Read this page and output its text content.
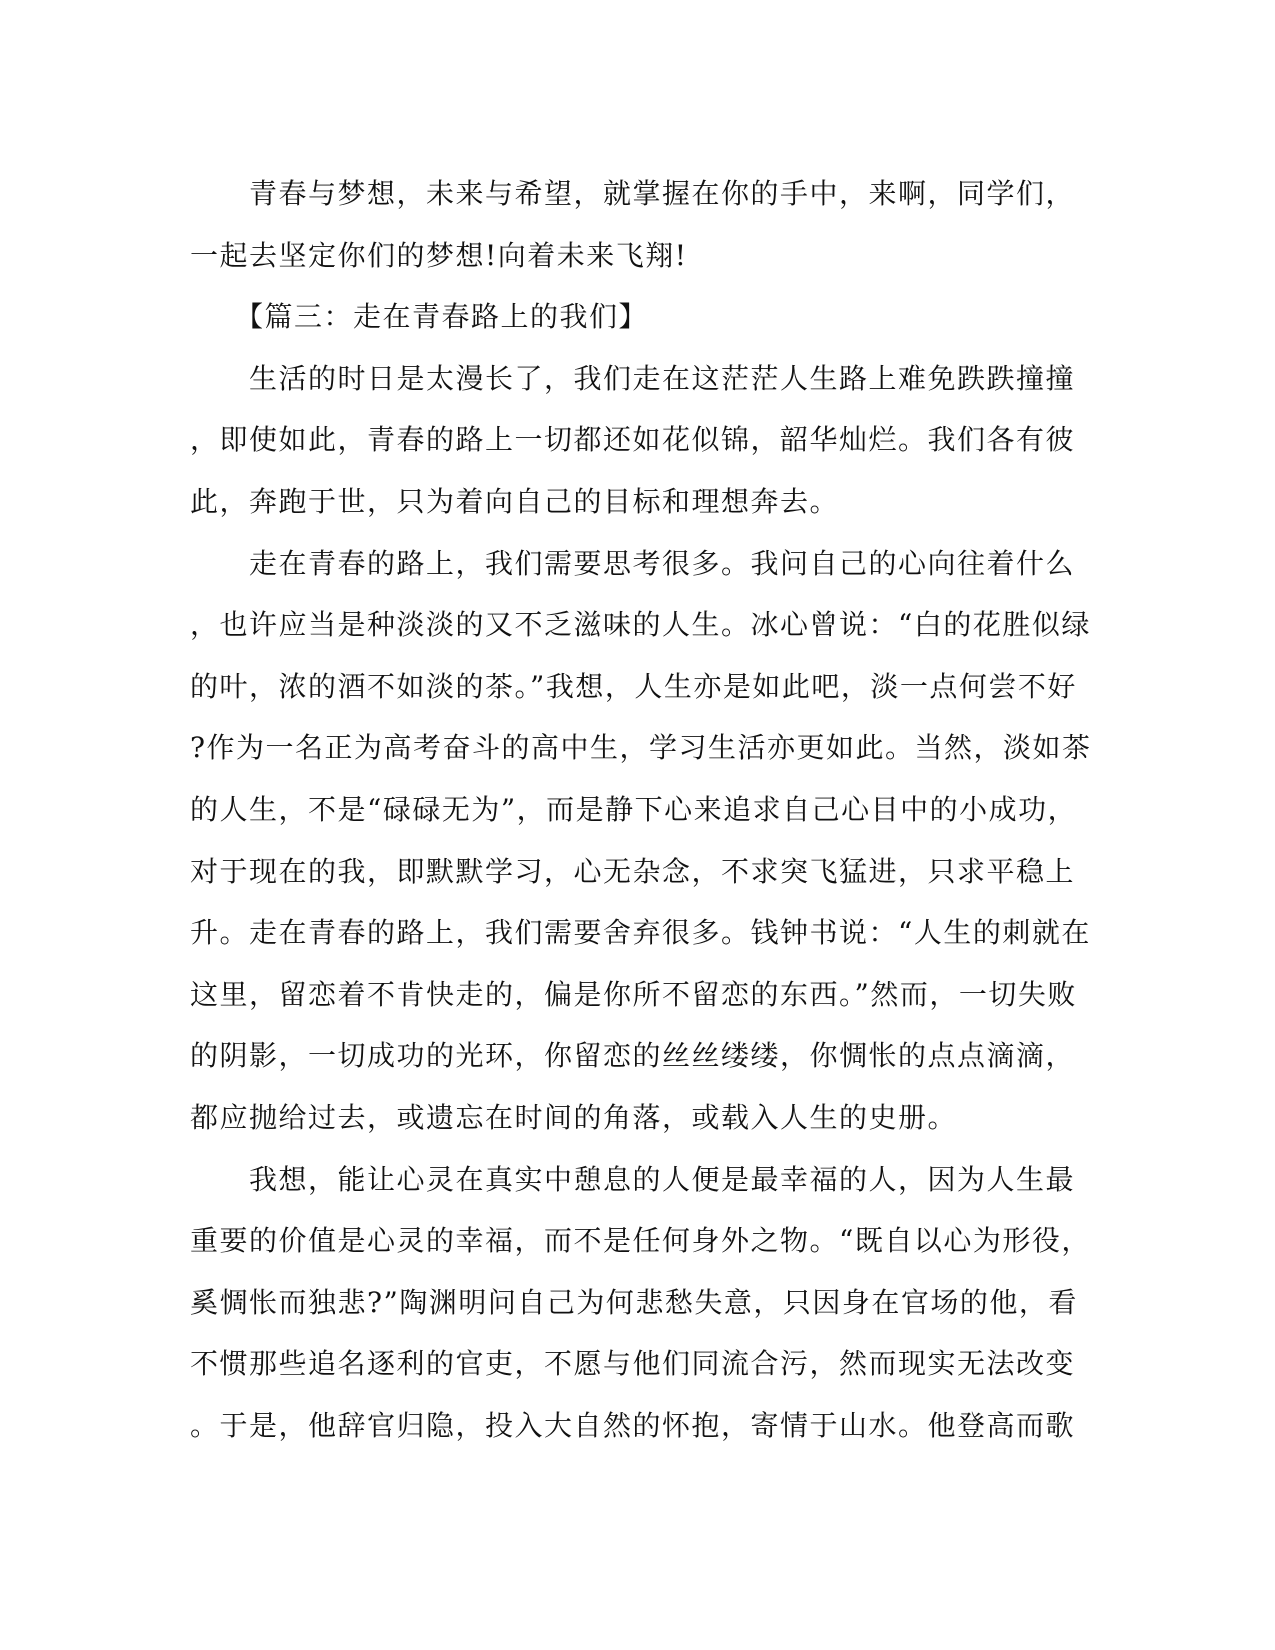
　　青春与梦想，未来与希望，就掌握在你的手中，来啊，同学们，
一起去坚定你们的梦想!向着未来飞翔!
　　【篇三：走在青春路上的我们】
　　生活的时日是太漫长了，我们走在这茫茫人生路上难免跌跌撞撞
，即使如此，青春的路上一切都还如花似锦，韶华灿烂。我们各有彼
此，奔跑于世，只为着向自己的目标和理想奔去。
　　走在青春的路上，我们需要思考很多。我问自己的心向往着什么
，也许应当是种淡淡的又不乏滋味的人生。冰心曾说：“白的花胜似绿
的叶，浓的酒不如淡的茶。”我想，人生亦是如此吧，淡一点何尝不好
?作为一名正为高考奋斗的高中生，学习生活亦更如此。当然，淡如茶
的人生，不是“碌碌无为”，而是静下心来追求自己心目中的小成功，
对于现在的我，即默默学习，心无杂念，不求突飞猛进，只求平稳上
升。走在青春的路上，我们需要舍弃很多。钱钟书说：“人生的刺就在
这里，留恋着不肯快走的，偏是你所不留恋的东西。”然而，一切失败
的阴影，一切成功的光环，你留恋的丝丝缕缕，你惆怅的点点滴滴，
都应抛给过去，或遗忘在时间的角落，或载入人生的史册。
　　我想，能让心灵在真实中憩息的人便是最幸福的人，因为人生最
重要的价值是心灵的幸福，而不是任何身外之物。“既自以心为形役，
奚惆怅而独悲?”陶渊明问自己为何悲愁失意，只因身在官场的他，看
不惯那些追名逐利的官吏，不愿与他们同流合污，然而现实无法改变
。于是，他辞官归隐，投入大自然的怀抱，寄情于山水。他登高而歌
